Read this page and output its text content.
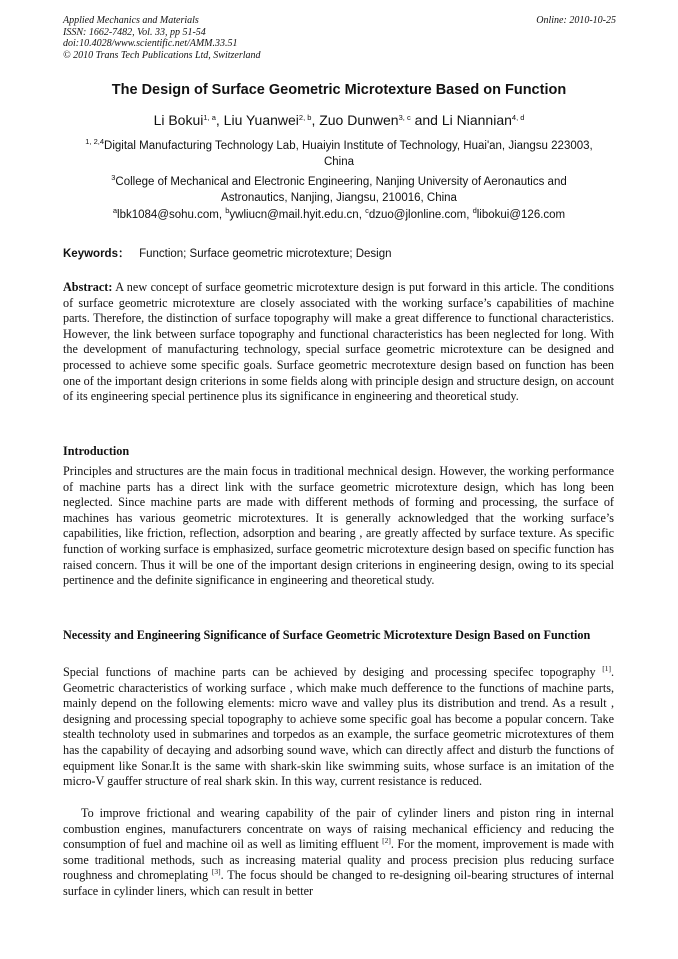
Applied Mechanics and Materials
ISSN: 1662-7482, Vol. 33, pp 51-54
doi:10.4028/www.scientific.net/AMM.33.51
© 2010 Trans Tech Publications Ltd, Switzerland
Online: 2010-10-25
The Design of Surface Geometric Microtexture Based on Function
Li Bokui$^{1, a}$, Liu Yuanwei$^{2, b}$, Zuo Dunwen$^{3, c}$ and Li Niannian$^{4, d}$
$^{1, 2,4}$Digital Manufacturing Technology Lab, Huaiyin Institute of Technology, Huai'an, Jiangsu 223003, China
$^3$College of Mechanical and Electronic Engineering, Nanjing University of Aeronautics and Astronautics, Nanjing, Jiangsu, 210016, China
$^a$lbk1084@sohu.com, $^b$ywliucn@mail.hyit.edu.cn, $^c$dzuo@jlonline.com, $^d$libokui@126.com
Keywords： Function; Surface geometric microtexture; Design
Abstract: A new concept of surface geometric microtexture design is put forward in this article. The conditions of surface geometric microtexture are closely associated with the working surface’s capabilities of machine parts. Therefore, the distinction of surface topography will make a great difference to functional characteristics. However, the link between surface topography and functional characteristics has been neglected for long. With the development of manufacturing technology, special surface geometric microtexture can be designed and processed to achieve some specific goals. Surface geometric mecrotexture design based on function has been one of the important design criterions in some fields along with principle design and structure design, on account of its engineering special pertinence plus its significance in engineering and theoretical study.
Introduction
Principles and structures are the main focus in traditional mechnical design. However, the working performance of machine parts has a direct link with the surface geometric microtexture design, which has long been neglected. Since machine parts are made with different methods of forming and processing, the surface of machines has various geometric microtextures. It is generally acknowledged that the working surface’s capabilities, like friction, reflection, adsorption and bearing , are greatly affected by surface texture. As specific function of working surface is emphasized, surface geometric microtexture design based on specific function has raised concern. Thus it will be one of the important design criterions in engineering design, owing to its special pertinence and the definite significance in engineering and theoretical study.
Necessity and Engineering Significance of Surface Geometric Microtexture Design Based on Function
Special functions of machine parts can be achieved by desiging and processing specifec topography [1]. Geometric characteristics of working surface , which make much defference to the functions of machine parts, mainly depend on the following elements: micro wave and valley plus its distribution and trend. As a result , designing and processing special topography to achieve some specific goal has become a popular concern. Take stealth technoloty used in submarines and torpedos as an example, the surface geometric microtextures of them has the capability of decaying and adsorbing sound wave, which can directly affect and disturb the functions of equipment like Sonar.It is the same with shark-skin like swimming suits, whose surface is an imitation of the micro-V gauffer structure of real shark skin. In this way, current resistance is reduced.
To improve frictional and wearing capability of the pair of cylinder liners and piston ring in internal combustion engines, manufacturers concentrate on ways of raising mechanical efficiency and reducing the consumption of fuel and machine oil as well as limiting effluent [2]. For the moment, improvement is made with some traditional methods, such as increasing material quality and process precision plus reducing surface roughness and chromeplating [3]. The focus should be changed to re-designing oil-bearing structures of internal surface in cylinder liners, which can result in better
